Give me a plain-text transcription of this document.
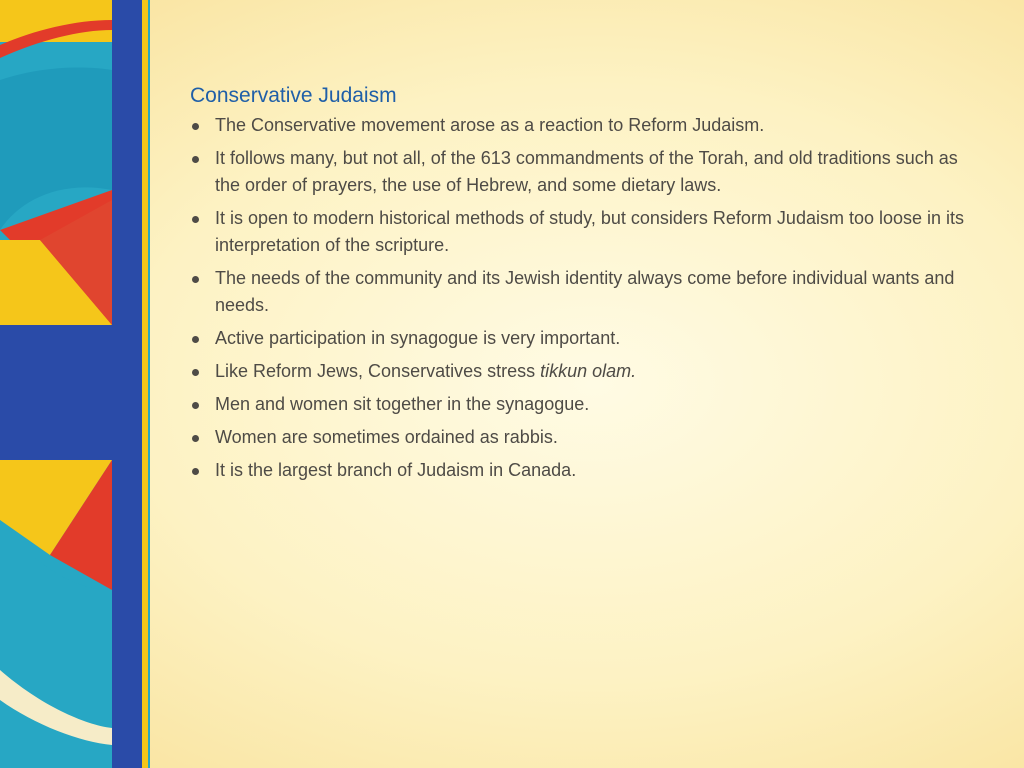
Conservative Judaism
The Conservative movement arose as a reaction to Reform Judaism.
It follows many, but not all, of the 613 commandments of the Torah, and old traditions such as the order of prayers, the use of Hebrew, and some dietary laws.
It is open to modern historical methods of study, but considers Reform Judaism too loose in its interpretation of the scripture.
The needs of the community and its Jewish identity always come before individual wants and needs.
Active participation in synagogue is very important.
Like Reform Jews, Conservatives stress tikkun olam.
Men and women sit together in the synagogue.
Women are sometimes ordained as rabbis.
It is the largest branch of Judaism in Canada.
